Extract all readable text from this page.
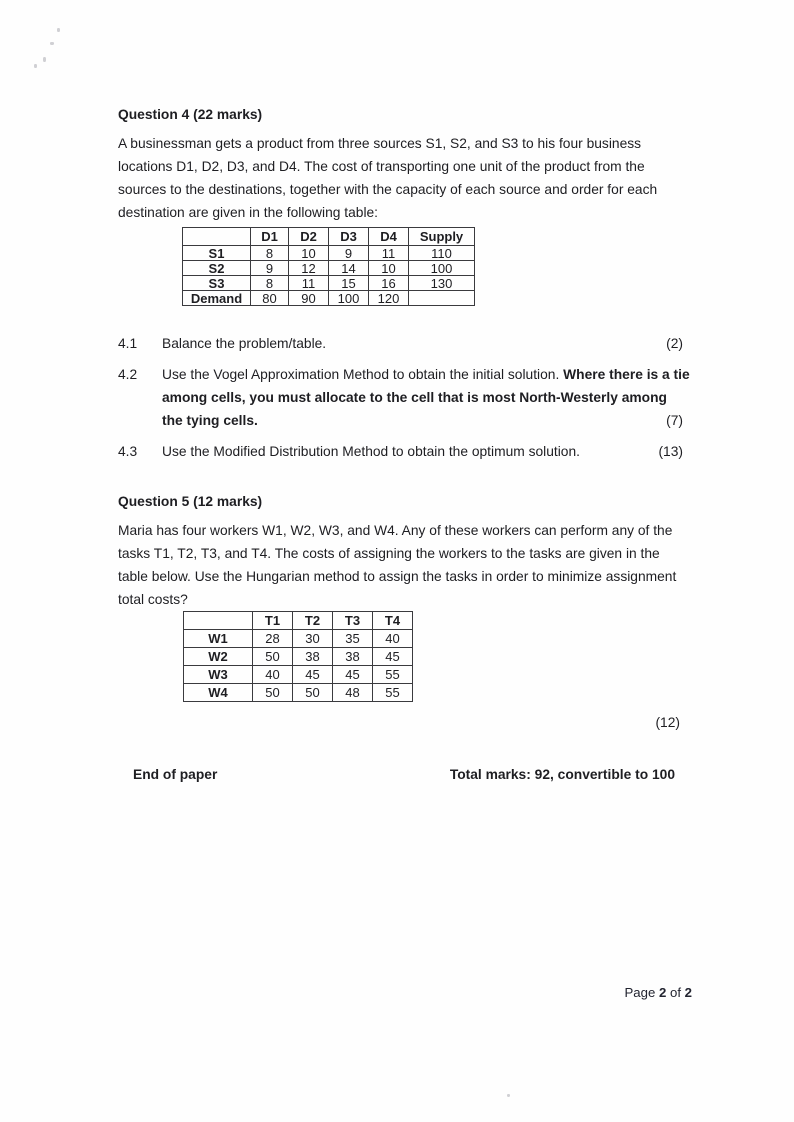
Question 4 (22 marks)

A businessman gets a product from three sources S1, S2, and S3 to his four business locations D1, D2, D3, and D4. The cost of transporting one unit of the product from the sources to the destinations, together with the capacity of each source and order for each destination are given in the following table:

	D1	D2	D3	D4	Supply
S1	8	10	9	11	110
S2	9	12	14	10	100
S3	8	11	15	16	130
Demand	80	90	100	120	
4.1	Balance the problem/table.	(2)
4.2	Use the Vogel Approximation Method to obtain the initial solution. Where there is a tie among cells, you must allocate to the cell that is most North-Westerly among the tying cells.	(7)
4.3	Use the Modified Distribution Method to obtain the optimum solution.	(13)
Question 5 (12 marks)

Maria has four workers W1, W2, W3, and W4. Any of these workers can perform any of the tasks T1, T2, T3, and T4. The costs of assigning the workers to the tasks are given in the table below. Use the Hungarian method to assign the tasks in order to minimize assignment total costs?

	T1	T2	T3	T4
W1	28	30	35	40
W2	50	38	38	45
W3	40	45	45	55
W4	50	50	48	55
(12)
End of paper	Total marks: 92, convertible to 100
Page 2 of 2
